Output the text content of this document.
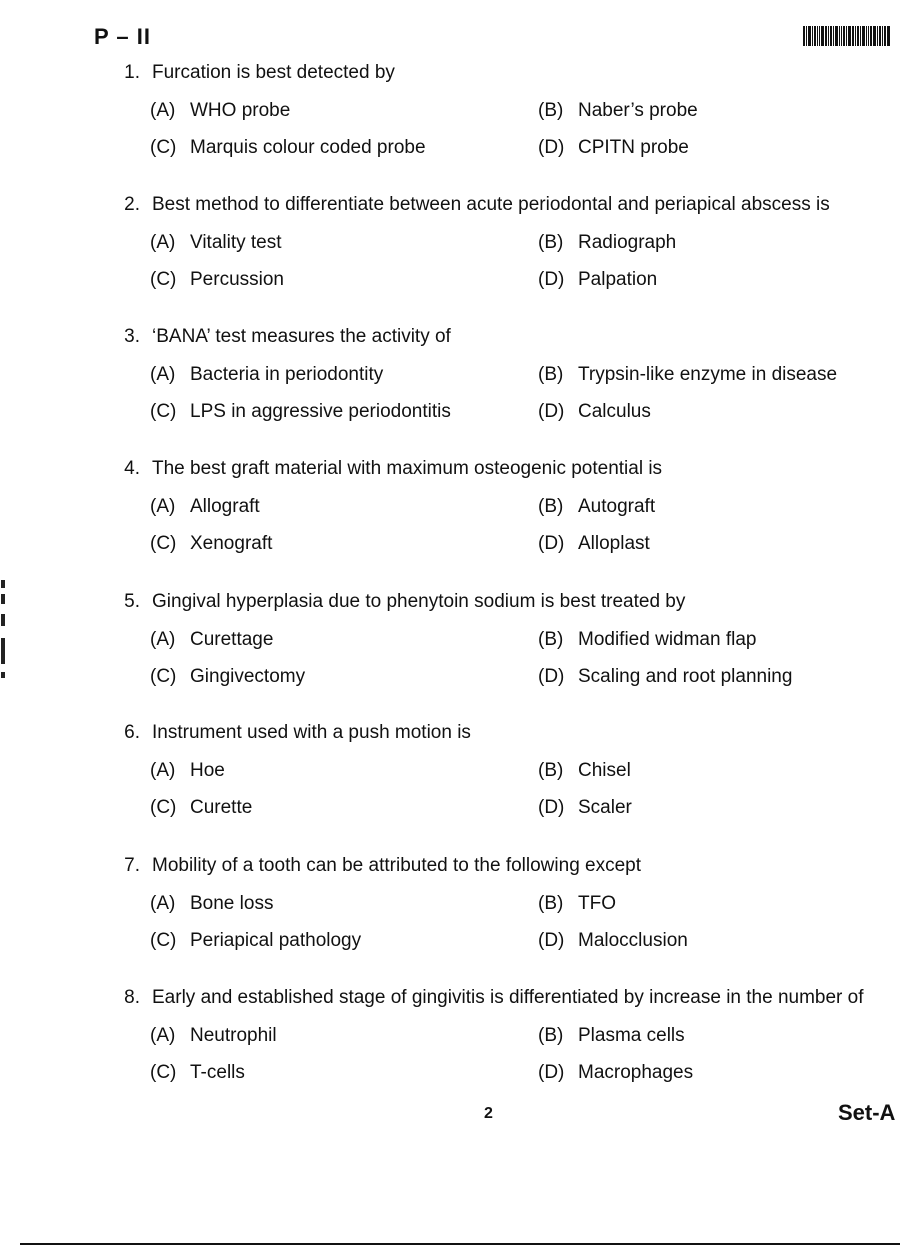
P – II
1. Furcation is best detected by
(A) WHO probe	(B) Naber’s probe
(C) Marquis colour coded probe	(D) CPITN probe
2. Best method to differentiate between acute periodontal and periapical abscess is
(A) Vitality test	(B) Radiograph
(C) Percussion	(D) Palpation
3. ‘BANA’ test measures the activity of
(A) Bacteria in periodontity	(B) Trypsin-like enzyme in disease
(C) LPS in aggressive periodontitis	(D) Calculus
4. The best graft material with maximum osteogenic potential is
(A) Allograft	(B) Autograft
(C) Xenograft	(D) Alloplast
5. Gingival hyperplasia due to phenytoin sodium is best treated by
(A) Curettage	(B) Modified widman flap
(C) Gingivectomy	(D) Scaling and root planning
6. Instrument used with a push motion is
(A) Hoe	(B) Chisel
(C) Curette	(D) Scaler
7. Mobility of a tooth can be attributed to the following except
(A) Bone loss	(B) TFO
(C) Periapical pathology	(D) Malocclusion
8. Early and established stage of gingivitis is differentiated by increase in the number of
(A) Neutrophil	(B) Plasma cells
(C) T-cells	(D) Macrophages
2	Set-A
